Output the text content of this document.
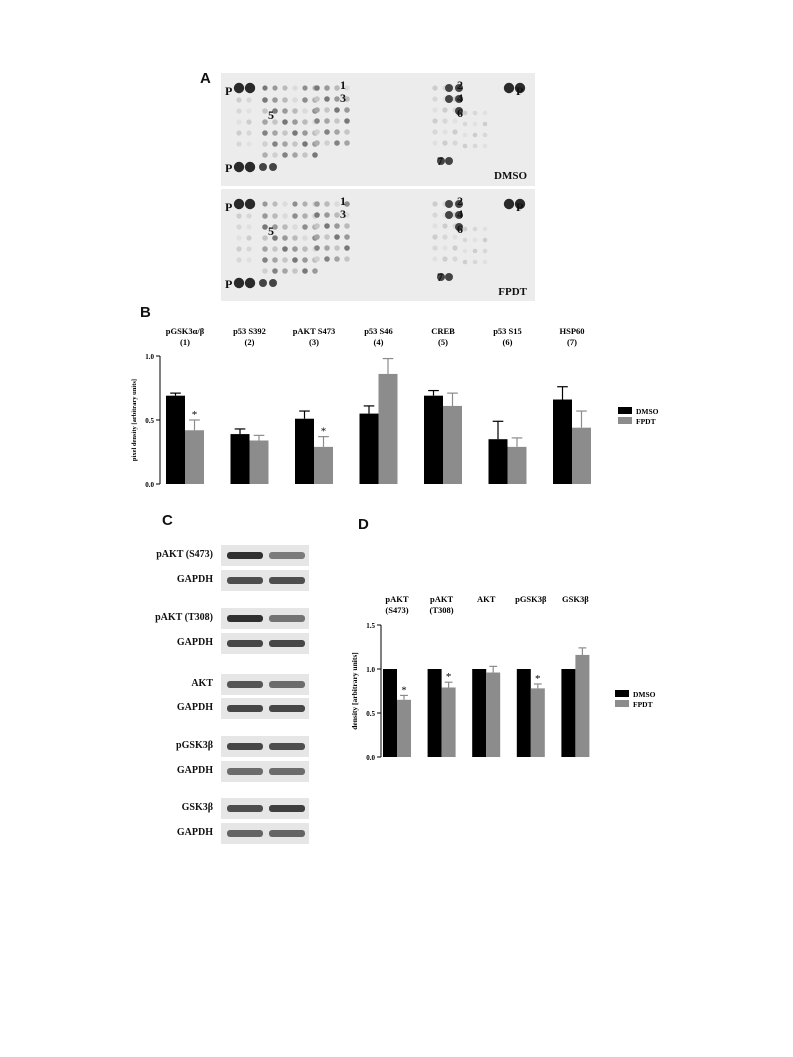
A
B
C	D
P
P
P
1	2
3	4
5	6
7
DMSO
P
P
P
1	2
3	4
5	6
7
FPDT
0.0
0.5
1.0
pixel density [arbitrary units]	*
pGSK3α/β
(1)
p53 S392
(2)
*
pAKT S473
(3)
p53 S46
(4)
CREB
(5)
p53 S15
(6)
HSP60
(7)
DMSO
FPDT
pAKT (S473)
GAPDH
pAKT (T308)
GAPDH
AKT
GAPDH
pGSK3β
GAPDH
GSK3β
GAPDH
0.0
0.5
1.0
1.5
density [arbitrary units]	*
pAKT
(S473)
*
pAKT
(T308)
AKT
*
pGSK3β GSK3β
DMSO
FPDT
